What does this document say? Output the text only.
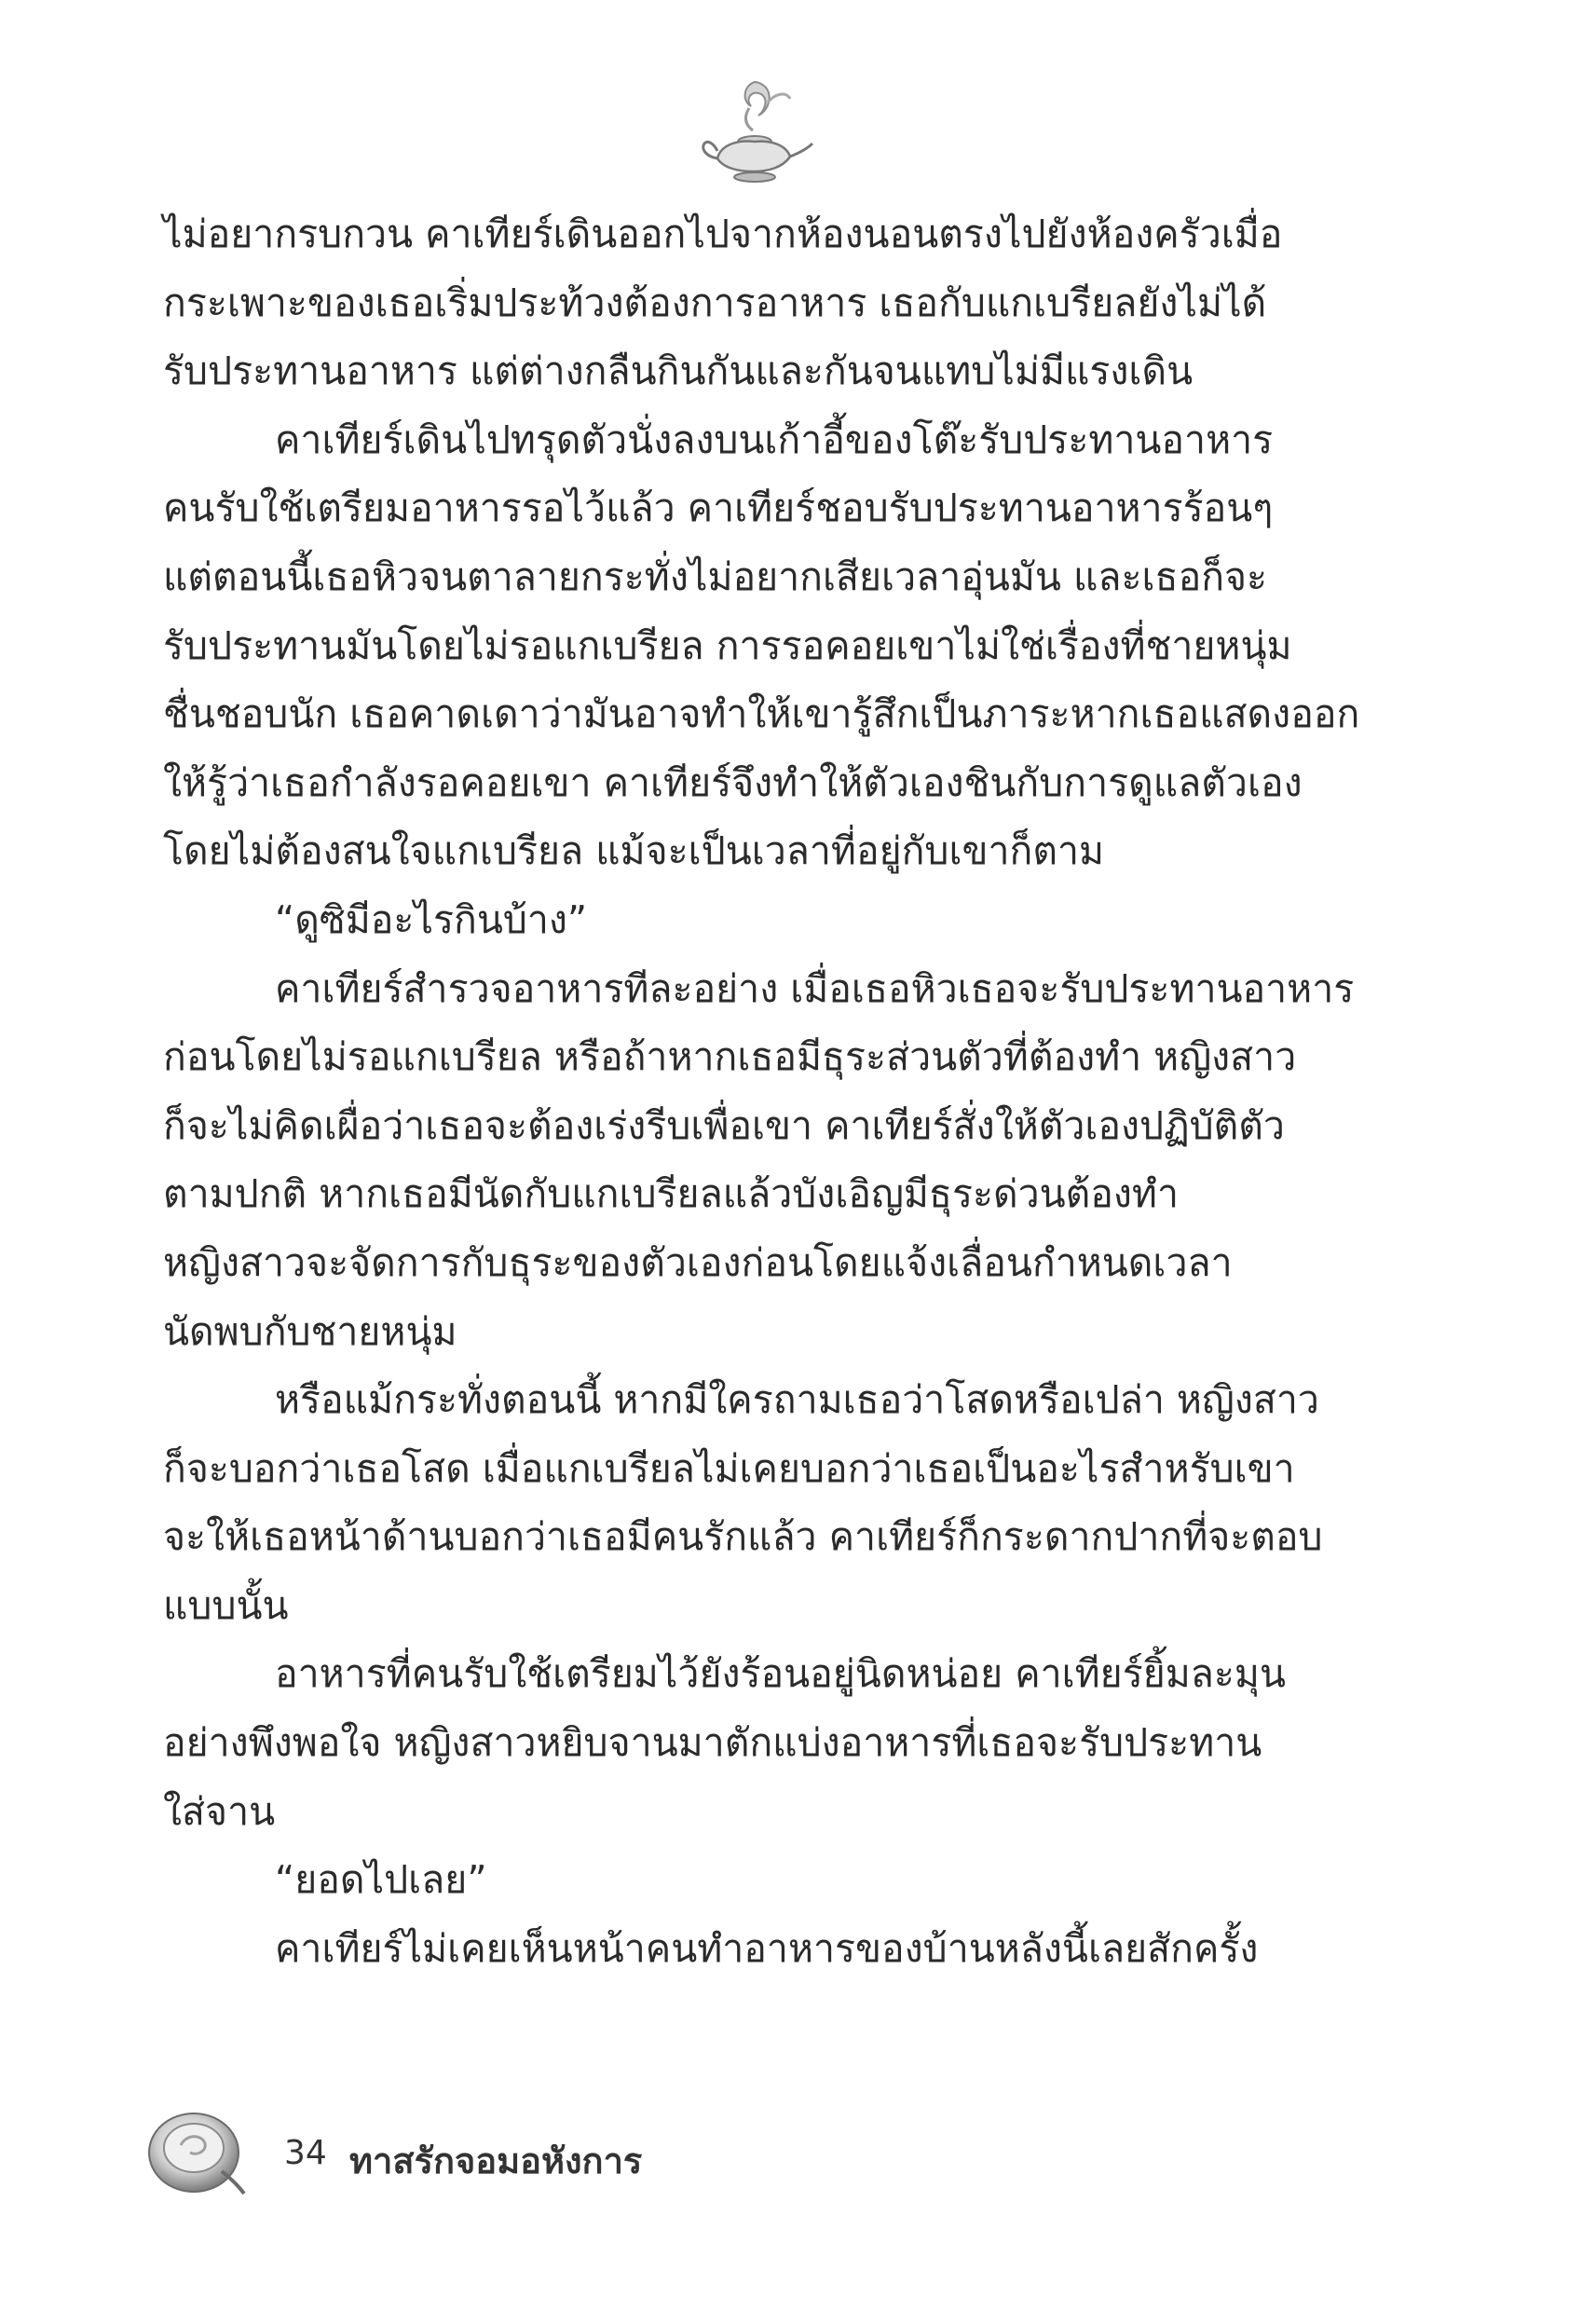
ไม่อยากรบกวน คาเทียร์เดินออกไปจากห้องนอนตรงไปยังห้องครัวเมื่อ
กระเพาะของเธอเริ่มประท้วงต้องการอาหาร เธอกับแกเบรียลยังไม่ได้
รับประทานอาหาร แต่ต่างกลืนกินกันและกันจนแทบไม่มีแรงเดิน
คาเทียร์เดินไปทรุดตัวนั่งลงบนเก้าอี้ของโต๊ะรับประทานอาหาร
คนรับใช้เตรียมอาหารรอไว้แล้ว คาเทียร์ชอบรับประทานอาหารร้อนๆ
แต่ตอนนี้เธอหิวจนตาลายกระทั่งไม่อยากเสียเวลาอุ่นมัน และเธอก็จะ
รับประทานมันโดยไม่รอแกเบรียล การรอคอยเขาไม่ใช่เรื่องที่ชายหนุ่ม
ชื่นชอบนัก เธอคาดเดาว่ามันอาจทำให้เขารู้สึกเป็นภาระหากเธอแสดงออก
ให้รู้ว่าเธอกำลังรอคอยเขา คาเทียร์จึงทำให้ตัวเองชินกับการดูแลตัวเอง
โดยไม่ต้องสนใจแกเบรียล แม้จะเป็นเวลาที่อยู่กับเขาก็ตาม
“ดูซิมีอะไรกินบ้าง”
คาเทียร์สำรวจอาหารทีละอย่าง เมื่อเธอหิวเธอจะรับประทานอาหาร
ก่อนโดยไม่รอแกเบรียล หรือถ้าหากเธอมีธุระส่วนตัวที่ต้องทำ หญิงสาว
ก็จะไม่คิดเผื่อว่าเธอจะต้องเร่งรีบเพื่อเขา คาเทียร์สั่งให้ตัวเองปฏิบัติตัว
ตามปกติ หากเธอมีนัดกับแกเบรียลแล้วบังเอิญมีธุระด่วนต้องทำ
หญิงสาวจะจัดการกับธุระของตัวเองก่อนโดยแจ้งเลื่อนกำหนดเวลา
นัดพบกับชายหนุ่ม
หรือแม้กระทั่งตอนนี้ หากมีใครถามเธอว่าโสดหรือเปล่า หญิงสาว
ก็จะบอกว่าเธอโสด เมื่อแกเบรียลไม่เคยบอกว่าเธอเป็นอะไรสำหรับเขา
จะให้เธอหน้าด้านบอกว่าเธอมีคนรักแล้ว คาเทียร์ก็กระดากปากที่จะตอบ
แบบนั้น
อาหารที่คนรับใช้เตรียมไว้ยังร้อนอยู่นิดหน่อย คาเทียร์ยิ้มละมุน
อย่างพึงพอใจ หญิงสาวหยิบจานมาตักแบ่งอาหารที่เธอจะรับประทาน
ใส่จาน
“ยอดไปเลย”
คาเทียร์ไม่เคยเห็นหน้าคนทำอาหารของบ้านหลังนี้เลยสักครั้ง
34 ทาสรักจอมอหังการ
